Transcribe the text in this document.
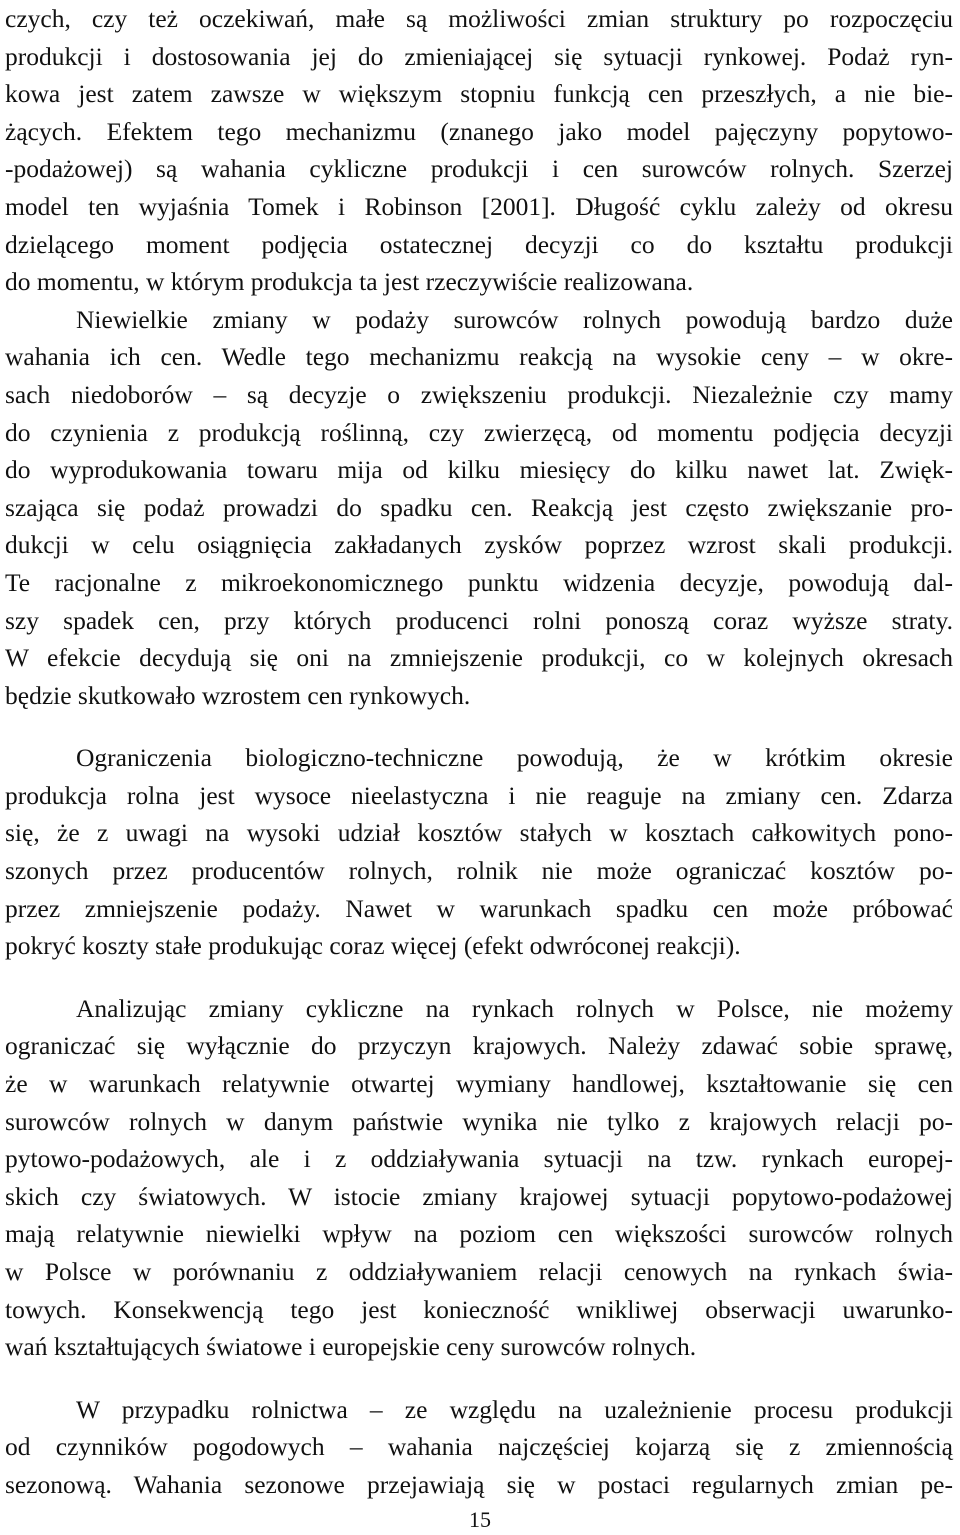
czych, czy też oczekiwań, małe są możliwości zmian struktury po rozpoczęciu
produkcji i dostosowania jej do zmieniającej się sytuacji rynkowej. Podaż ryn-
kowa jest zatem zawsze w większym stopniu funkcją cen przeszłych, a nie bie-
żących. Efektem tego mechanizmu (znanego jako model pajęczyny popytowo-
-podażowej) są wahania cykliczne produkcji i cen surowców rolnych. Szerzej
model ten wyjaśnia Tomek i Robinson [2001]. Długość cyklu zależy od okresu
dzielącego moment podjęcia ostatecznej decyzji co do kształtu produkcji
do momentu, w którym produkcja ta jest rzeczywiście realizowana.
Niewielkie zmiany w podaży surowców rolnych powodują bardzo duże
wahania ich cen. Wedle tego mechanizmu reakcją na wysokie ceny – w okre-
sach niedoborów – są decyzje o zwiększeniu produkcji. Niezależnie czy mamy
do czynienia z produkcją roślinną, czy zwierzęcą, od momentu podjęcia decyzji
do wyprodukowania towaru mija od kilku miesięcy do kilku nawet lat. Zwięk-
szająca się podaż prowadzi do spadku cen. Reakcją jest często zwiększanie pro-
dukcji w celu osiągnięcia zakładanych zysków poprzez wzrost skali produkcji.
Te racjonalne z mikroekonomicznego punktu widzenia decyzje, powodują dal-
szy spadek cen, przy których producenci rolni ponoszą coraz wyższe straty.
W efekcie decydują się oni na zmniejszenie produkcji, co w kolejnych okresach
będzie skutkowało wzrostem cen rynkowych.
Ograniczenia biologiczno-techniczne powodują, że w krótkim okresie
produkcja rolna jest wysoce nieelastyczna i nie reaguje na zmiany cen. Zdarza
się, że z uwagi na wysoki udział kosztów stałych w kosztach całkowitych pono-
szonych przez producentów rolnych, rolnik nie może ograniczać kosztów po-
przez zmniejszenie podaży. Nawet w warunkach spadku cen może próbować
pokryć koszty stałe produkując coraz więcej (efekt odwróconej reakcji).
Analizując zmiany cykliczne na rynkach rolnych w Polsce, nie możemy
ograniczać się wyłącznie do przyczyn krajowych. Należy zdawać sobie sprawę,
że w warunkach relatywnie otwartej wymiany handlowej, kształtowanie się cen
surowców rolnych w danym państwie wynika nie tylko z krajowych relacji po-
pytowo-podażowych, ale i z oddziaływania sytuacji na tzw. rynkach europej-
skich czy światowych. W istocie zmiany krajowej sytuacji popytowo-podażowej
mają relatywnie niewielki wpływ na poziom cen większości surowców rolnych
w Polsce w porównaniu z oddziaływaniem relacji cenowych na rynkach świa-
towych. Konsekwencją tego jest konieczność wnikliwej obserwacji uwarunko-
wań kształtujących światowe i europejskie ceny surowców rolnych.
W przypadku rolnictwa – ze względu na uzależnienie procesu produkcji
od czynników pogodowych – wahania najczęściej kojarzą się z zmiennością
sezonową. Wahania sezonowe przejawiają się w postaci regularnych zmian pe-
15
